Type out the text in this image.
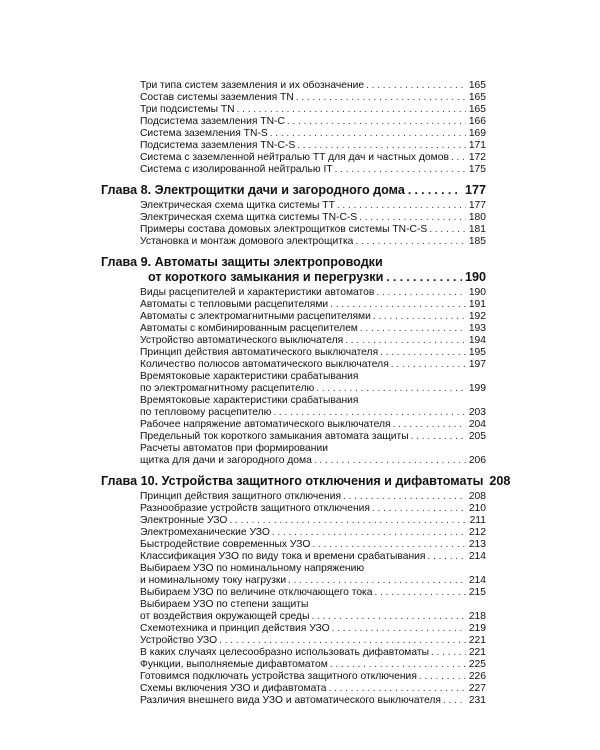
Три типа систем заземления и их обозначение . . .	165
Состав системы заземления TN . . .	165
Три подсистемы TN . . .	165
Подсистема заземления TN-C . . .	166
Система заземления TN-S . . .	169
Подсистема заземления TN-C-S . . .	171
Система с заземленной нейтралью TT для дач и частных домов . . . 172
Система с изолированной нейтралью IT . . .	175
Глава 8. Электрощитки дачи и загородного дома . . .	177
Электрическая схема щитка системы TT . . .	177
Электрическая схема щитка системы TN-C-S . . .	180
Примеры состава домовых электрощитков системы TN-C-S . . .	181
Установка и монтаж домового электрощитка . . .	185
Глава 9. Автоматы защиты электропроводки
от короткого замыкания и перегрузки . . .	190
Виды расцепителей и характеристики автоматов . . .	190
Автоматы с тепловыми расцепителями . . .	191
Автоматы с электромагнитными расцепителями . . .	192
Автоматы с комбинированным расцепителем . . .	193
Устройство автоматического выключателя . . .	194
Принцип действия автоматического выключателя . . .	195
Количество полюсов автоматического выключателя . . .	197
Времятоковые характеристики срабатывания
по электромагнитному расцепителю . . .	199
Времятоковые характеристики срабатывания
по тепловому расцепителю . . .	203
Рабочее напряжение автоматического выключателя . . .	204
Предельный ток короткого замыкания автомата защиты . . .	205
Расчеты автоматов при формировании
щитка для дачи и загородного дома . . .	206
Глава 10. Устройства защитного отключения и дифавтоматы 208
Принцип действия защитного отключения . . .	208
Разнообразие устройств защитного отключения . . .	210
Электронные УЗО . . .	211
Электромеханические УЗО . . .	212
Быстродействие современных УЗО . . .	213
Классификация УЗО по виду тока и времени срабатывания . . .	214
Выбираем УЗО по номинальному напряжению
и номинальному току нагрузки . . .	214
Выбираем УЗО по величине отключающего тока . . .	215
Выбираем УЗО по степени защиты
от воздействия окружающей среды . . .	218
Схемотехника и принцип действия УЗО . . .	219
Устройство УЗО . . .	221
В каких случаях целесообразно использовать дифавтоматы . . .	221
Функции, выполняемые дифавтоматом . . .	225
Готовимся подключать устройства защитного отключения . . .	226
Схемы включения УЗО и дифавтомата . . .	227
Различия внешнего вида УЗО и автоматического выключателя . . .	231
